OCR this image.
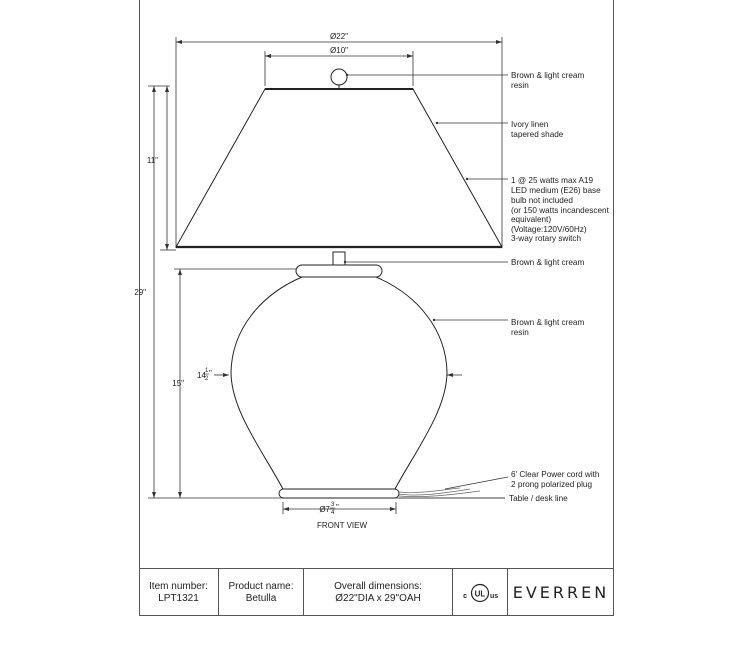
Ø22"
Ø10"
11"
29"
15"
14 1
2
"
Ø7 3
4
"
FRONT VIEW
Brown & light cream resin
Ivory linen tapered shade
1 @ 25 watts max A19 LED medium (E26) base bulb not included (or 150 watts incandescent equivalent) (Voltage:120V/60Hz) 3-way rotary switch
Brown & light cream
Brown & light cream resin
6' Clear Power cord with 2 prong polarized plug
Table / desk line
Item number:
LPT1321
Product name:
Betulla
Overall dimensions:
Ø22"DIA x 29"OAH	UL
c	us EVERREN
